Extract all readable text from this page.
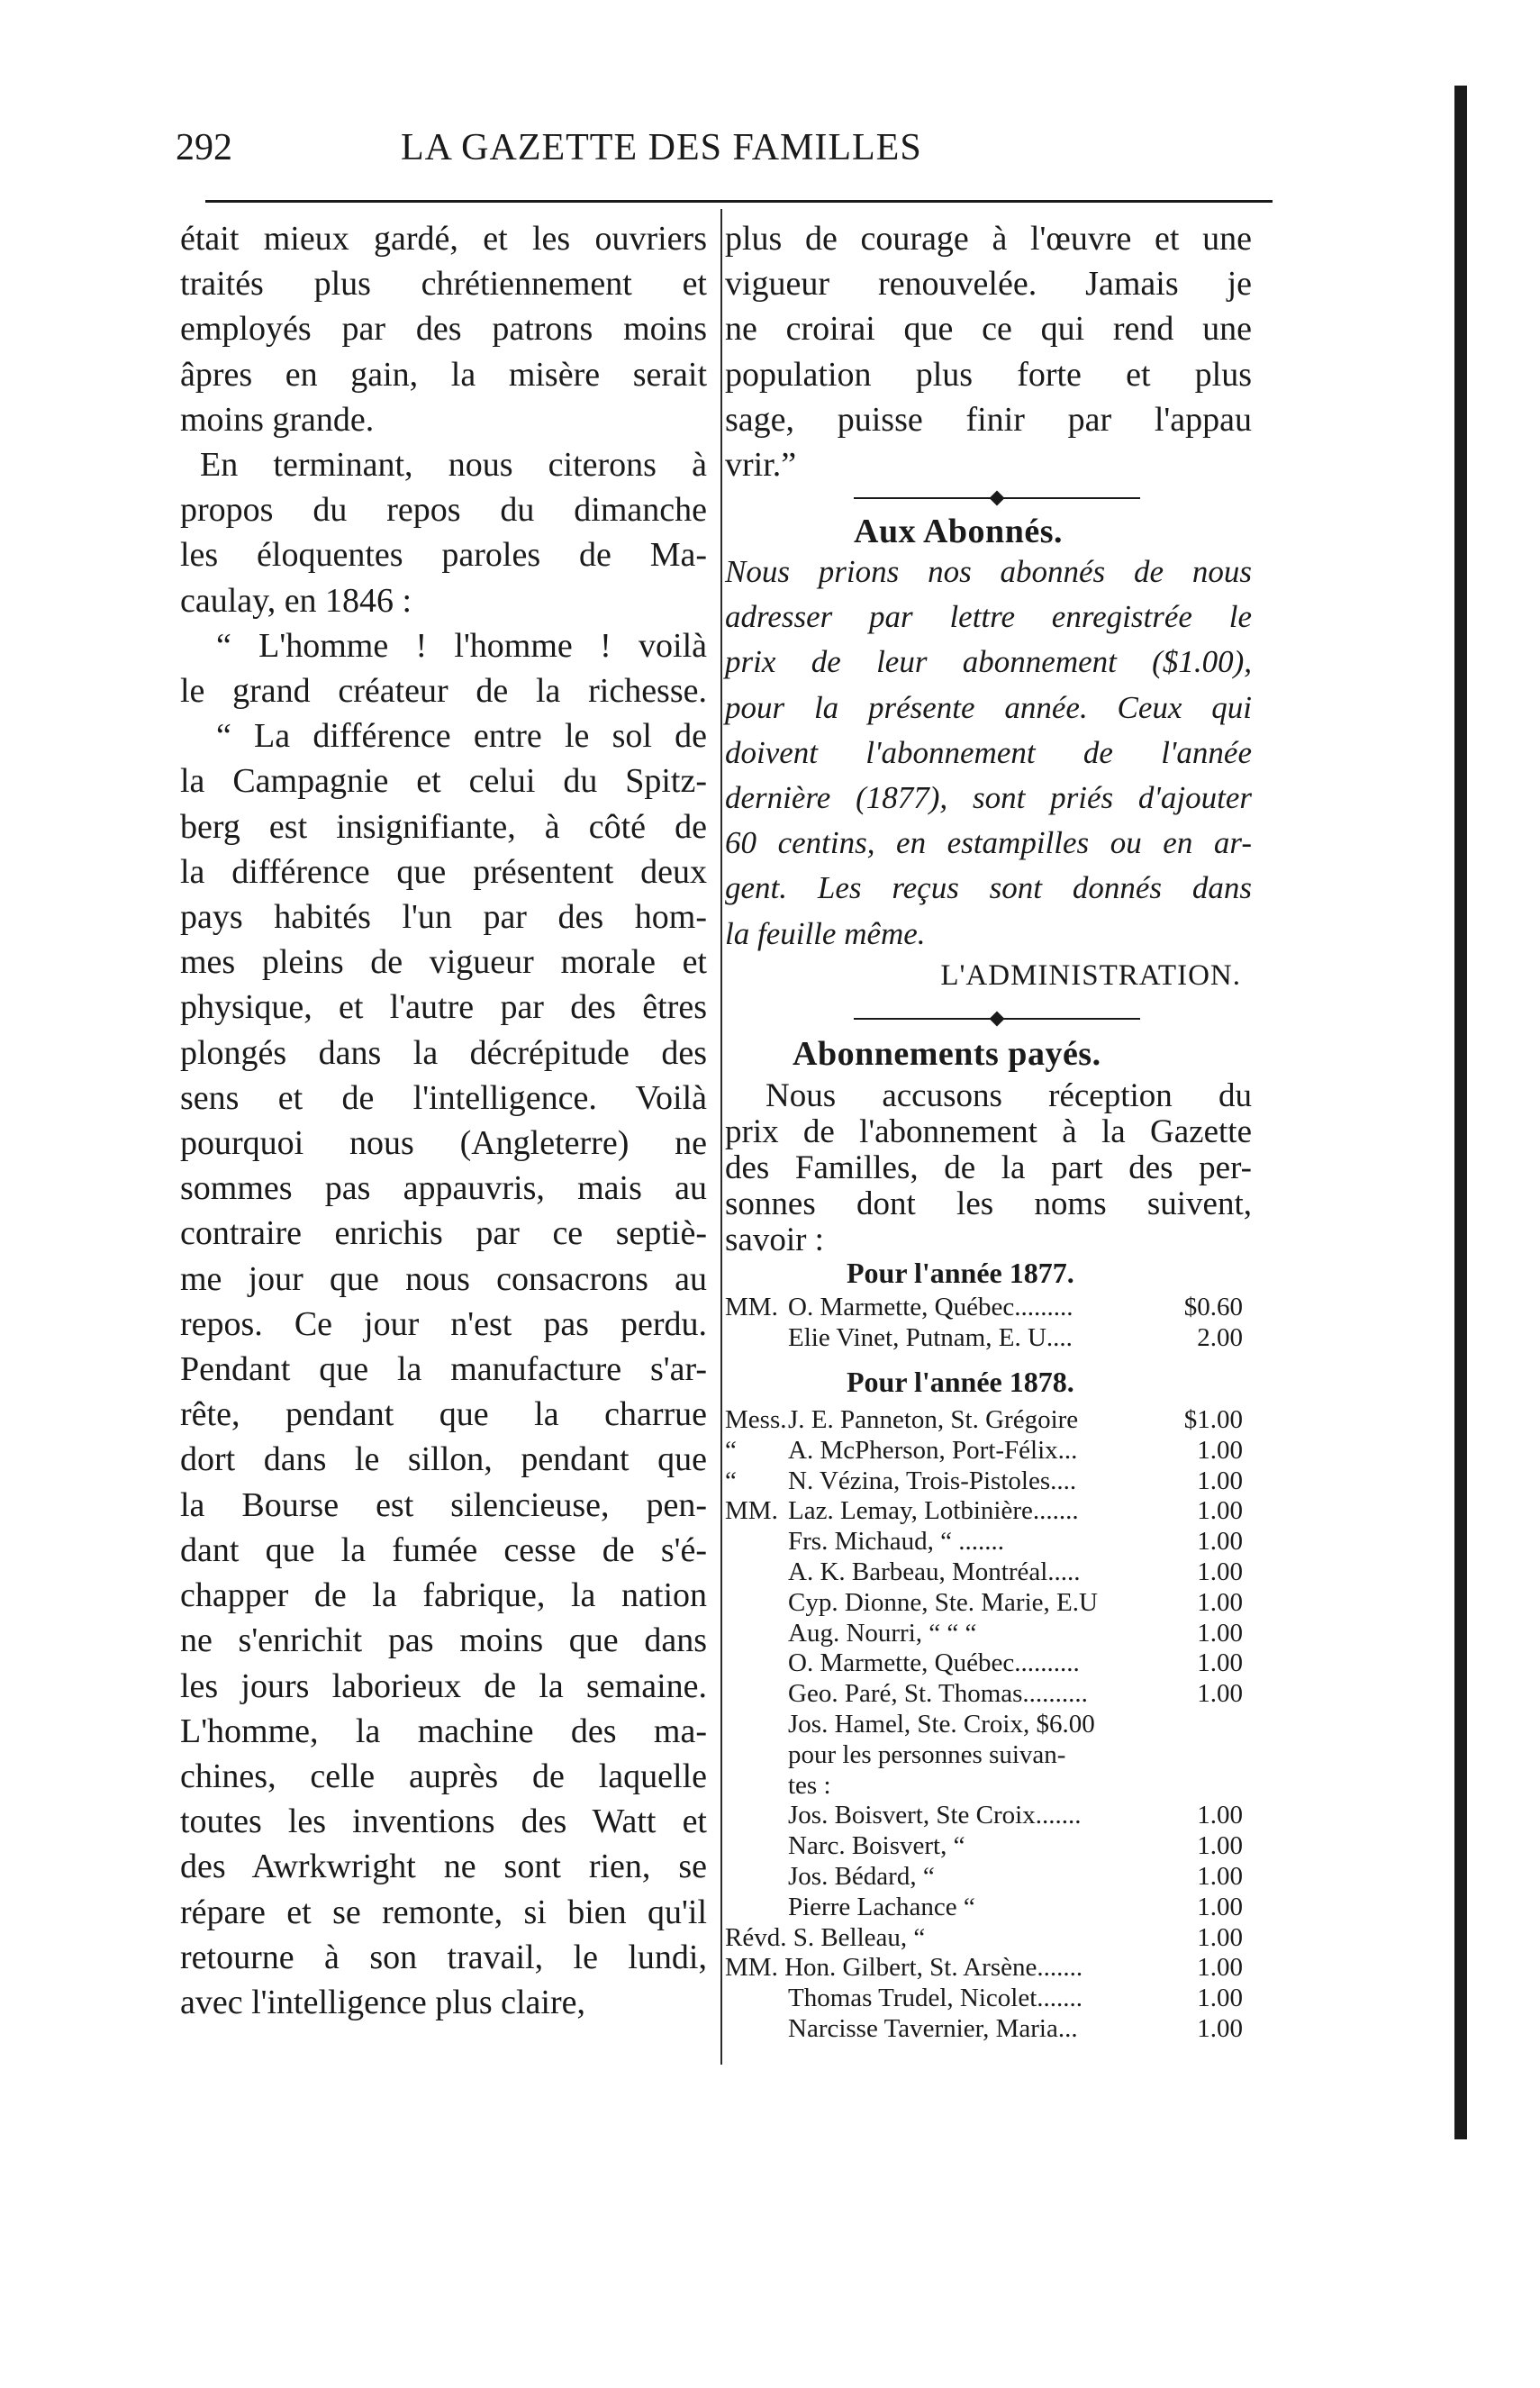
292	LA GAZETTE DES FAMILLES
était mieux gardé, et les ouvriers
traités plus chrétiennement et
employés par des patrons moins
âpres en gain, la misère serait
moins grande.
En terminant, nous citerons à
propos du repos du dimanche
les éloquentes paroles de Ma-
caulay, en 1846 :
“ L'homme ! l'homme ! voilà
le grand créateur de la richesse.
“ La différence entre le sol de
la Campagnie et celui du Spitz-
berg est insignifiante, à côté de
la différence que présentent deux
pays habités l'un par des hom-
mes pleins de vigueur morale et
physique, et l'autre par des êtres
plongés dans la décrépitude des
sens et de l'intelligence. Voilà
pourquoi nous (Angleterre) ne
sommes pas appauvris, mais au
contraire enrichis par ce septiè-
me jour que nous consacrons au
repos. Ce jour n'est pas perdu.
Pendant que la manufacture s'ar-
rête, pendant que la charrue
dort dans le sillon, pendant que
la Bourse est silencieuse, pen-
dant que la fumée cesse de s'é-
chapper de la fabrique, la nation
ne s'enrichit pas moins que dans
les jours laborieux de la semaine.
L'homme, la machine des ma-
chines, celle auprès de laquelle
toutes les inventions des Watt et
des Awrkwright ne sont rien, se
répare et se remonte, si bien qu'il
retourne à son travail, le lundi,
avec l'intelligence plus claire,
plus de courage à l'œuvre et une
vigueur renouvelée. Jamais je
ne croirai que ce qui rend une
population plus forte et plus
sage, puisse finir par l'appau
vrir.”
Aux Abonnés.
Nous prions nos abonnés de nous
adresser par lettre enregistrée le
prix de leur abonnement ($1.00),
pour la présente année. Ceux qui
doivent l'abonnement de l'année
dernière (1877), sont priés d'ajouter
60 centins, en estampilles ou en ar-
gent. Les reçus sont donnés dans
la feuille même.
L'ADMINISTRATION.
Abonnements payés.
Nous accusons réception du
prix de l'abonnement à la Gazette
des Familles, de la part des per-
sonnes dont les noms suivent,
savoir :
Pour l'année 1877.
MM. O. Marmette, Québec.........	$0.60
Elie Vinet, Putnam, E. U....	2.00
Pour l'année 1878.
Mess. J. E. Panneton, St. Grégoire	$1.00
“ A. McPherson, Port-Félix...	1.00
“ N. Vézina, Trois-Pistoles....	1.00
MM. Laz. Lemay, Lotbinière.......	1.00
Frs. Michaud, “ .......	1.00
A. K. Barbeau, Montréal.....	1.00
Cyp. Dionne, Ste. Marie, E.U	1.00
Aug. Nourri, “ “ “	1.00
O. Marmette, Québec..........	1.00
Geo. Paré, St. Thomas..........	1.00
Jos. Hamel, Ste. Croix, $6.00
pour les personnes suivan-
tes :
Jos. Boisvert, Ste Croix.......	1.00
Narc. Boisvert, “	1.00
Jos. Bédard, “	1.00
Pierre Lachance “	1.00
Révd. S. Belleau, “	1.00
MM. Hon. Gilbert, St. Arsène.......	1.00
Thomas Trudel, Nicolet.......	1.00
Narcisse Tavernier, Maria...	1.00
